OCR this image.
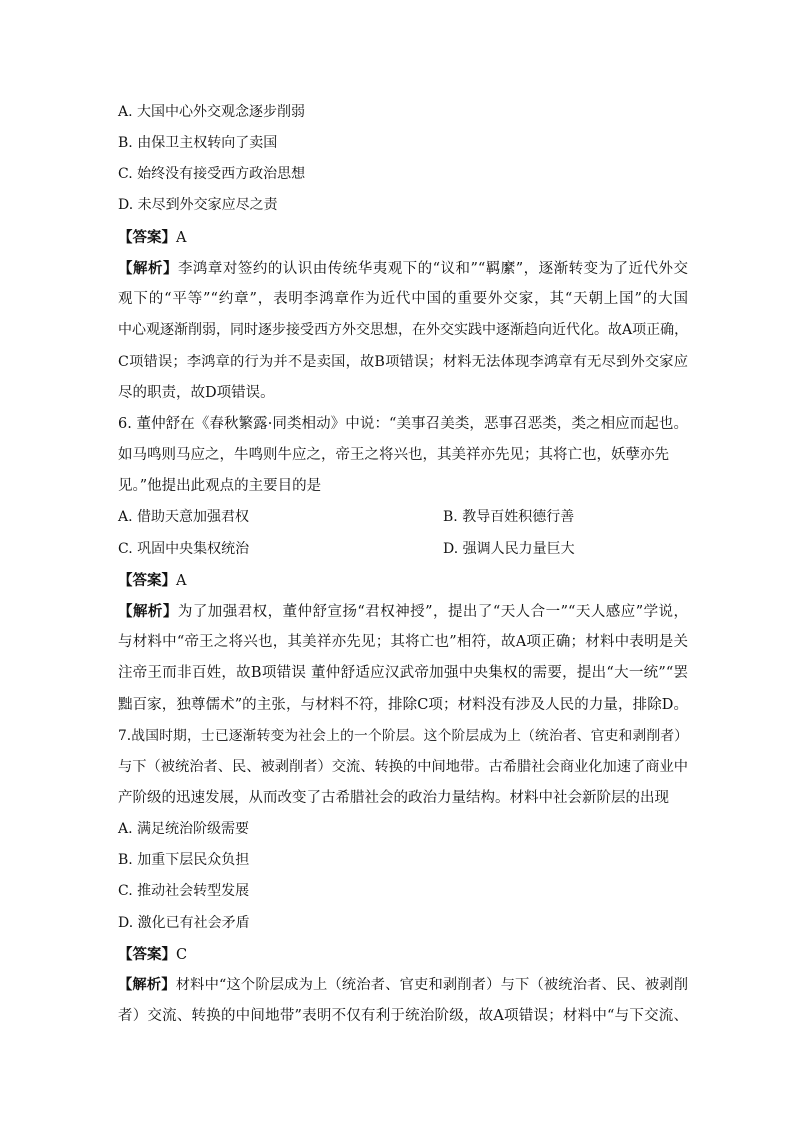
A. 大国中心外交观念逐步削弱
B. 由保卫主权转向了卖国
C. 始终没有接受西方政治思想
D. 未尽到外交家应尽之责
【答案】A
【解析】李鸿章对签约的认识由传统华夷观下的“议和”“羁縻”，逐渐转变为了近代外交
观下的“平等”“约章”，表明李鸿章作为近代中国的重要外交家，其“天朝上国”的大国
中心观逐渐削弱，同时逐步接受西方外交思想，在外交实践中逐渐趋向近代化。故A项正确，
C项错误；李鸿章的行为并不是卖国，故B项错误；材料无法体现李鸿章有无尽到外交家应
尽的职责，故D项错误。
6. 董仲舒在《春秋繁露·同类相动》中说：“美事召美类，恶事召恶类，类之相应而起也。
如马鸣则马应之，牛鸣则牛应之，帝王之将兴也，其美祥亦先见；其将亡也，妖孽亦先
见。”他提出此观点的主要目的是
A. 借助天意加强君权	B. 教导百姓积德行善
C. 巩固中央集权统治	D. 强调人民力量巨大
【答案】A
【解析】为了加强君权，董仲舒宣扬“君权神授”，提出了“天人合一”“天人感应”学说，
与材料中“帝王之将兴也，其美祥亦先见；其将亡也”相符，故A项正确；材料中表明是关
注帝王而非百姓，故B项错误 董仲舒适应汉武帝加强中央集权的需要，提出“大一统”“罢
黜百家，独尊儒术”的主张，与材料不符，排除C项；材料没有涉及人民的力量，排除D。
7.战国时期，士已逐渐转变为社会上的一个阶层。这个阶层成为上（统治者、官吏和剥削者）
与下（被统治者、民、被剥削者）交流、转换的中间地带。古希腊社会商业化加速了商业中
产阶级的迅速发展，从而改变了古希腊社会的政治力量结构。材料中社会新阶层的出现
A. 满足统治阶级需要
B. 加重下层民众负担
C. 推动社会转型发展
D. 激化已有社会矛盾
【答案】C
【解析】材料中“这个阶层成为上（统治者、官吏和剥削者）与下（被统治者、民、被剥削
者）交流、转换的中间地带”表明不仅有利于统治阶级，故A项错误；材料中“与下交流、
